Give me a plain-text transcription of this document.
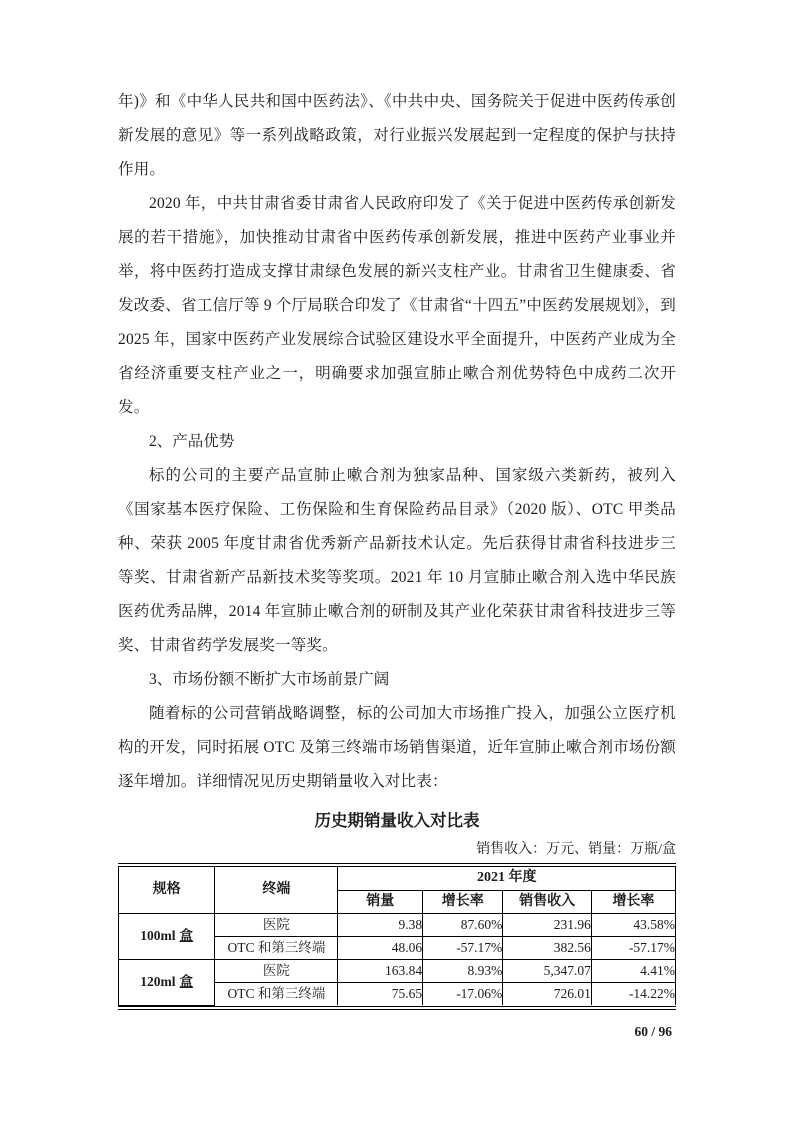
年)》和《中华人民共和国中医药法》、《中共中央、国务院关于促进中医药传承创新发展的意见》等一系列战略政策，对行业振兴发展起到一定程度的保护与扶持作用。

2020 年，中共甘肃省委甘肃省人民政府印发了《关于促进中医药传承创新发展的若干措施》，加快推动甘肃省中医药传承创新发展，推进中医药产业事业并举，将中医药打造成支撑甘肃绿色发展的新兴支柱产业。甘肃省卫生健康委、省发改委、省工信厅等 9 个厅局联合印发了《甘肃省“十四五”中医药发展规划》，到 2025 年，国家中医药产业发展综合试验区建设水平全面提升，中医药产业成为全省经济重要支柱产业之一，明确要求加强宣肺止嗽合剂优势特色中成药二次开发。

2、产品优势

标的公司的主要产品宣肺止嗽合剂为独家品种、国家级六类新药，被列入《国家基本医疗保险、工伤保险和生育保险药品目录》（2020 版）、OTC 甲类品种、荣获 2005 年度甘肃省优秀新产品新技术认定。先后获得甘肃省科技进步三等奖、甘肃省新产品新技术奖等奖项。2021 年 10 月宣肺止嗽合剂入选中华民族医药优秀品牌，2014 年宣肺止嗽合剂的研制及其产业化荣获甘肃省科技进步三等奖、甘肃省药学发展奖一等奖。

3、市场份额不断扩大市场前景广阔

随着标的公司营销战略调整，标的公司加大市场推广投入，加强公立医疗机构的开发，同时拓展 OTC 及第三终端市场销售渠道，近年宣肺止嗽合剂市场份额逐年增加。详细情况见历史期销量收入对比表：

历史期销量收入对比表

销售收入：万元、销量：万瓶/盒

规格	终端	2021 年度			
		销量	增长率	销售收入	增长率
100ml 盒	医院	9.38	87.60%	231.96	43.58%
	OTC 和第三终端	48.06	-57.17%	382.56	-57.17%
120ml 盒	医院	163.84	8.93%	5,347.07	4.41%
	OTC 和第三终端	75.65	-17.06%	726.01	-14.22%
60 / 96
